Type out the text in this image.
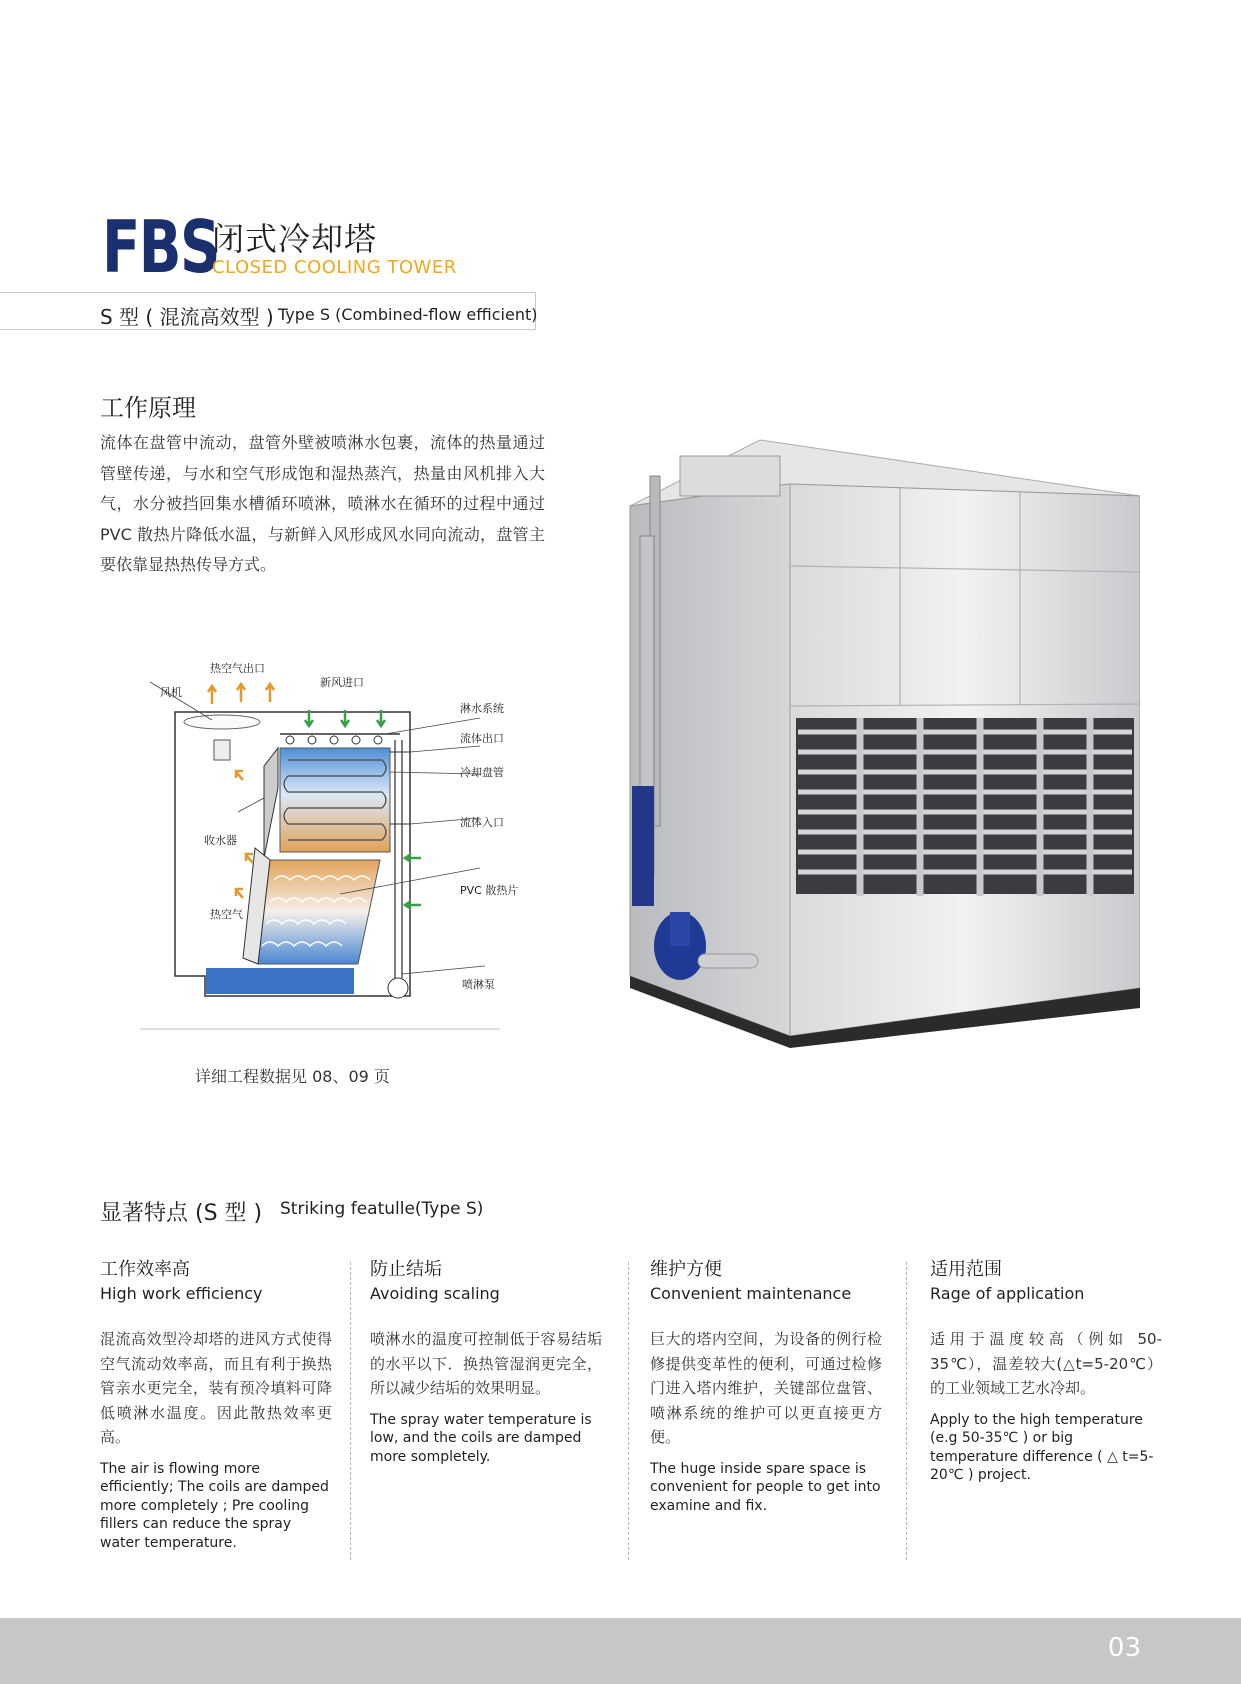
FBS
闭式冷却塔
CLOSED COOLING TOWER
S 型 ( 混流高效型 ) Type S (Combined-flow efficient)
工作原理
流体在盘管中流动，盘管外壁被喷淋水包裹，流体的热量通过管壁传递，与水和空气形成饱和湿热蒸汽，热量由风机排入大气，水分被挡回集水槽循环喷淋，喷淋水在循环的过程中通过 PVC 散热片降低水温，与新鲜入风形成风水同向流动，盘管主要依靠显热热传导方式。
热空气出口
风机
新风进口
淋水系统
流体出口
冷却盘管
流体入口
收水器
PVC 散热片
热空气
喷淋泵
详细工程数据见 08、09 页
显著特点 (S 型 ) Striking featulle(Type S)
工作效率高
High work efficiency
混流高效型冷却塔的进风方式使得空气流动效率高，而且有利于换热管亲水更完全，装有预冷填料可降低喷淋水温度。因此散热效率更高。
The air is flowing more efficiently; The coils are damped more completely ; Pre cooling fillers can reduce the spray water temperature.
防止结垢
Avoiding scaling
喷淋水的温度可控制低于容易结垢的水平以下．换热管湿润更完全，所以减少结垢的效果明显。
The spray water temperature is low, and the coils are damped more sompletely.
维护方便
Convenient maintenance
巨大的塔内空间，为设备的例行检修提供变革性的便利，可通过检修门进入塔内维护，关键部位盘管、喷淋系统的维护可以更直接更方便。
The huge inside spare space is convenient for people to get into examine and fix.
适用范围
Rage of application
适用于温度较高（例如 50-35℃），温差较大(△t=5-20℃）的工业领域工艺水冷却。
Apply to the high temperature (e.g 50-35℃ ) or big temperature difference ( △ t=5-20℃ ) project.
03
